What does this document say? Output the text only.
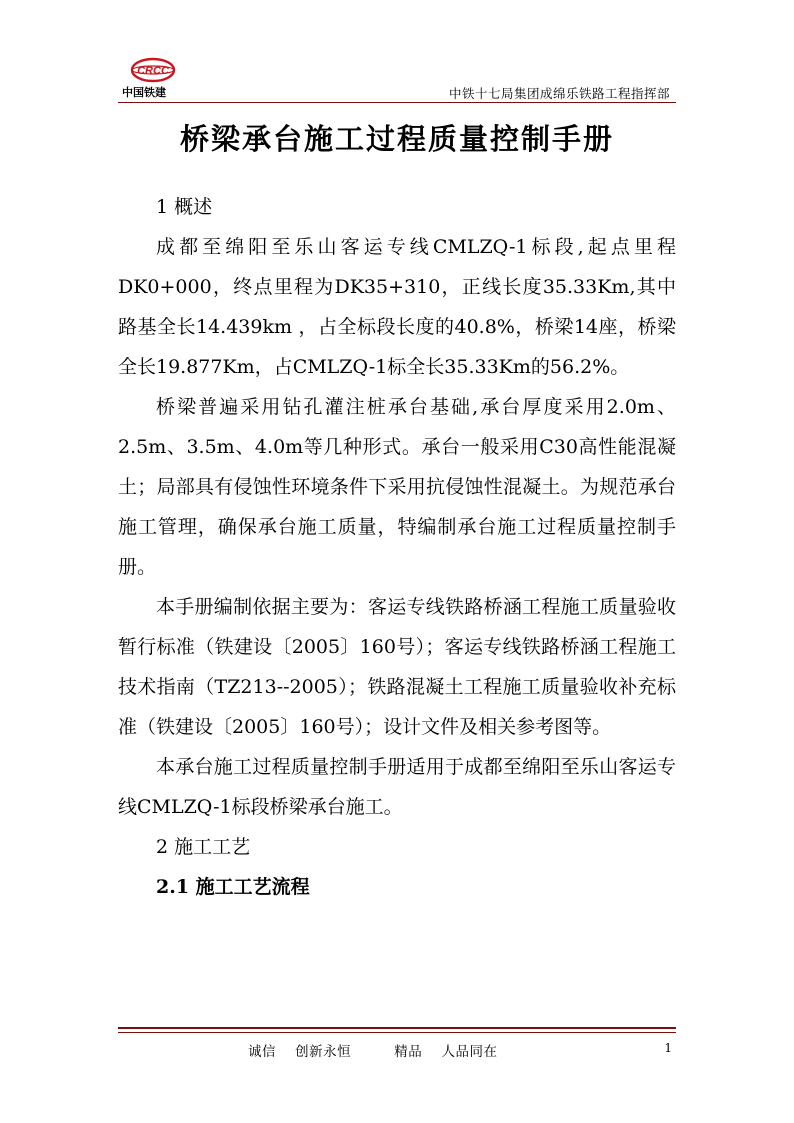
CRCC
中国铁建	中铁十七局集团成绵乐铁路工程指挥部
桥梁承台施工过程质量控制手册

1 概述

成都至绵阳至乐山客运专线CMLZQ-1标段,起点里程DK0+000，终点里程为DK35+310，正线长度35.33Km,其中路基全长14.439km ，占全标段长度的40.8%，桥梁14座，桥梁全长19.877Km，占CMLZQ-1标全长35.33Km的56.2%。

桥梁普遍采用钻孔灌注桩承台基础,承台厚度采用2.0m、2.5m、3.5m、4.0m等几种形式。承台一般采用C30高性能混凝土；局部具有侵蚀性环境条件下采用抗侵蚀性混凝土。为规范承台施工管理，确保承台施工质量，特编制承台施工过程质量控制手册。

本手册编制依据主要为：客运专线铁路桥涵工程施工质量验收暂行标准（铁建设〔2005〕160号）；客运专线铁路桥涵工程施工技术指南（TZ213--2005）；铁路混凝土工程施工质量验收补充标准（铁建设〔2005〕160号）；设计文件及相关参考图等。

本承台施工过程质量控制手册适用于成都至绵阳至乐山客运专线CMLZQ-1标段桥梁承台施工。

2 施工工艺

2.1 施工工艺流程

诚信    创新永恒         精品    人品同在	1
